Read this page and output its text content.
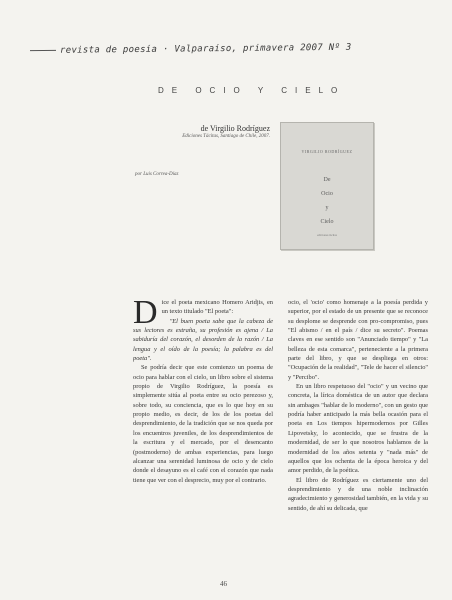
revista de poesía · Valparaíso, primavera 2007 Nº 3
DE OCIO Y CIELO
de Virgilio Rodríguez
Ediciones Tácitas, Santiago de Chile, 2007.
por Luis Correa-Díaz
VIRGILIO RODRÍGUEZ
De
Ocio
y
Cielo
ediciones tácitas

Dice el poeta mexicano Homero Aridjis, en un texto titulado "El poeta":

"El buen poeta sabe que la cabeza de sus lectores es extraña, su profesión es ajena / La sabiduría del corazón, el desorden de la razón / La lengua y el oído de la poesía; la palabra es del poeta".

Se podría decir que este comienzo un poema de ocio para hablar con el cielo, un libro sobre el sistema propio de Virgilio Rodríguez, la poesía es simplemente sitúa al poeta entre su ocio perezoso y, sobre todo, su conciencia, que es lo que hoy en su propio medio, es decir, de los de los poetas del desprendimiento, de la tradición que se nos queda por los encuentros juveniles, de los desprendimientos de la escritura y el mercado, por el desencanto (postmoderno) de ambas experiencias, para luego alcanzar una serenidad luminosa de ocio y de cielo donde el desayuno es el café con el corazón que nada tiene que ver con el desprecio, muy por el contrario.

ocio, el 'ocio' como homenaje a la poesía perdida y superior, por el estado de un presente que se reconoce su desplome se desprende con pro-compromiso, pues "El abismo / en el país / dice su secreto". Poemas claves en ese sentido son "Anunciado tiempo" y "La belleza de esta comarca", perteneciente a la primera parte del libro, y que se despliega en otros: "Ocupación de la realidad", "Tele de hacer el silencio" y "Percibo".

En un libro respetuoso del "ocio" y un vecino que concreta, la lírica doméstica de un autor que declara sin ambages "hablar de lo moderno", con un gesto que podría haber anticipado la más bella ocasión para el poeta en Los tiempos hipermodernos por Gilles Lipovetsky, lo acontecido, que se frustra de la modernidad, de ser lo que nosotros hablamos de la modernidad de los años setenta y "nada más" de aquellos que los ochenta de la época heroica y del amor perdido, de la poética.

El libro de Rodríguez es ciertamente uno del desprendimiento y de una noble inclinación agradecimiento y generosidad también, en la vida y su sentido, de ahí su delicada, que

46
